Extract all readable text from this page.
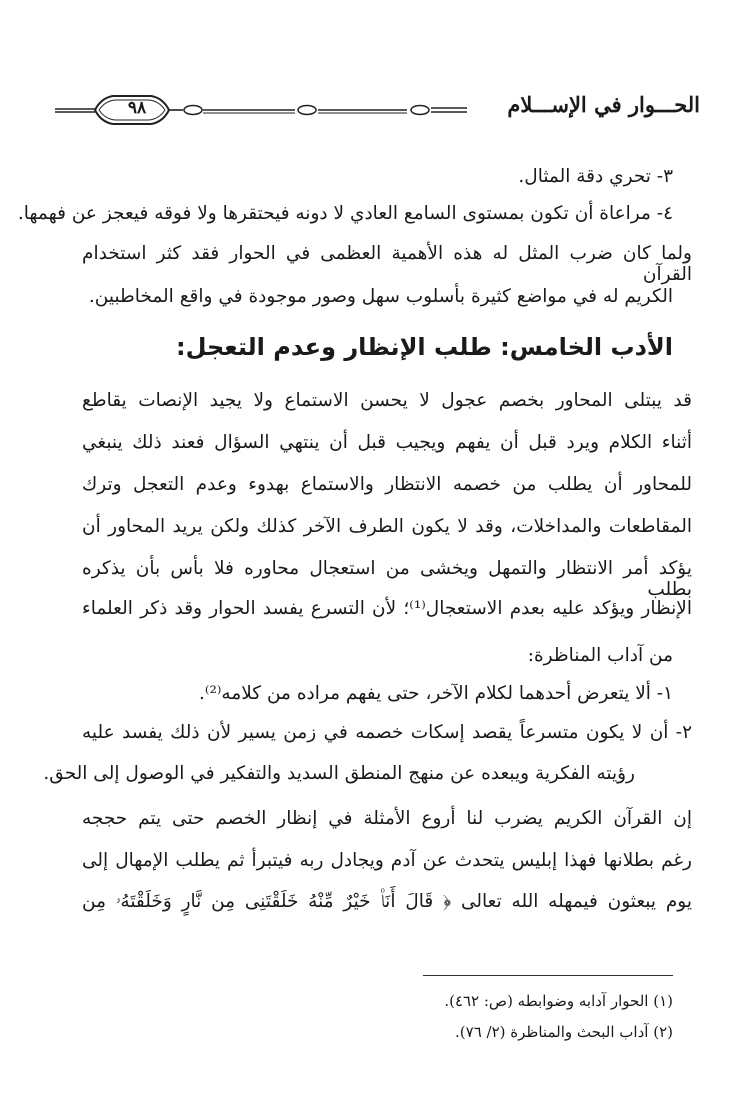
٩٨	الحـــوار في الإســـلام
٣- تحري دقة المثال.
٤- مراعاة أن تكون بمستوى السامع العادي لا دونه فيحتقرها ولا فوقه فيعجز عن فهمها.
ولما كان ضرب المثل له هذه الأهمية العظمى في الحوار فقد كثر استخدام القرآن
الكريم له في مواضع كثيرة بأسلوب سهل وصور موجودة في واقع المخاطبين.
الأدب الخامس: طلب الإنظار وعدم التعجل:
قد يبتلى المحاور بخصم عجول لا يحسن الاستماع ولا يجيد الإنصات يقاطع
أثناء الكلام ويرد قبل أن يفهم ويجيب قبل أن ينتهي السؤال فعند ذلك ينبغي
للمحاور أن يطلب من خصمه الانتظار والاستماع بهدوء وعدم التعجل وترك
المقاطعات والمداخلات، وقد لا يكون الطرف الآخر كذلك ولكن يريد المحاور أن
يؤكد أمر الانتظار والتمهل ويخشى من استعجال محاوره فلا بأس بأن يذكره بطلب
الإنظار ويؤكد عليه بعدم الاستعجال⁽¹⁾؛ لأن التسرع يفسد الحوار وقد ذكر العلماء
من آداب المناظرة:
١- ألا يتعرض أحدهما لكلام الآخر، حتى يفهم مراده من كلامه⁽²⁾.
٢- أن لا يكون متسرعاً يقصد إسكات خصمه في زمن يسير لأن ذلك يفسد عليه
رؤيته الفكرية ويبعده عن منهج المنطق السديد والتفكير في الوصول إلى الحق.
إن القرآن الكريم يضرب لنا أروع الأمثلة في إنظار الخصم حتى يتم حججه
رغم بطلانها فهذا إبليس يتحدث عن آدم ويجادل ربه فيتبرأ ثم يطلب الإمهال إلى
يوم يبعثون فيمهله الله تعالى ﴿ قَالَ أَنَا۠ خَيْرٌ مِّنْهُ خَلَقْتَنِى مِن نَّارٍ وَخَلَقْتَهُۥ مِن
(١) الحوار آدابه وضوابطه (ص: ٤٦٢).
(٢) آداب البحث والمناظرة (٢/ ٧٦).
